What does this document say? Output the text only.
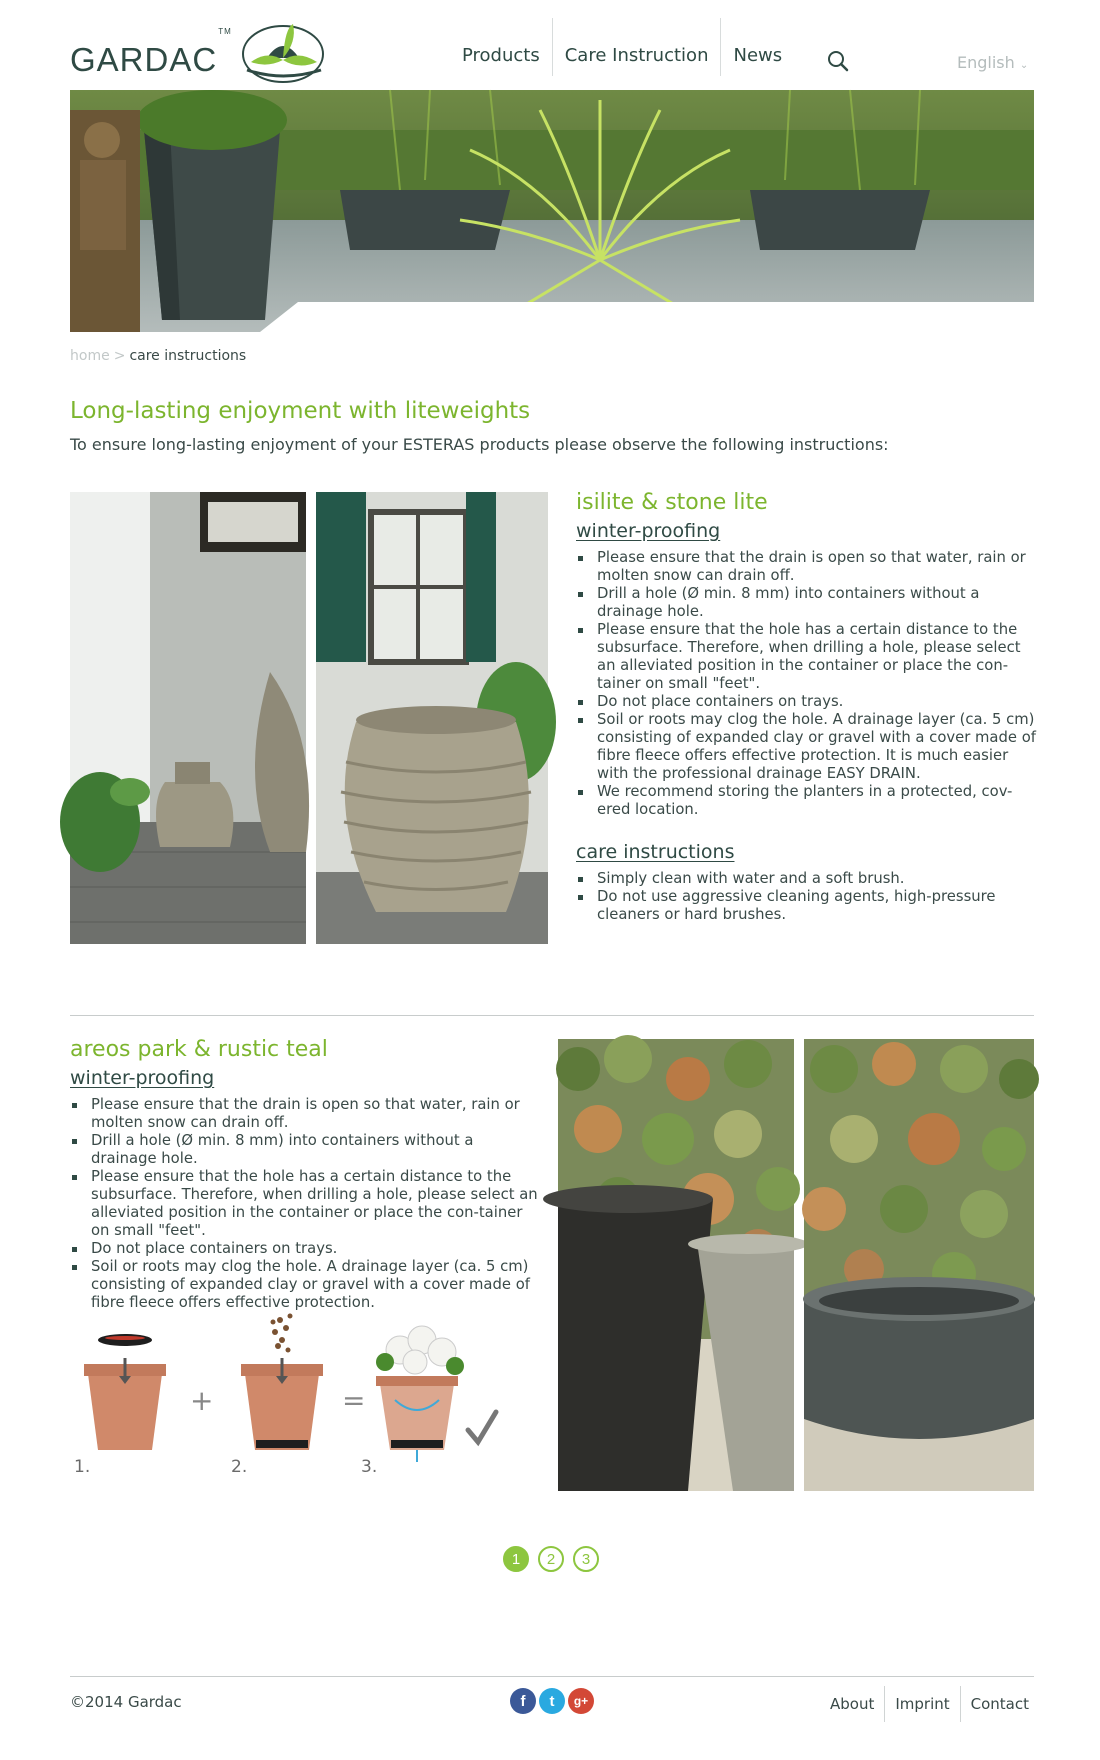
GARDAC™
Products	Care Instruction	News	English ⌄
home > care instructions
Long-lasting enjoyment with liteweights

To ensure long-lasting enjoyment of your ESTERAS products please observe the following instructions:

isilite & stone lite
winter-proofing
Please ensure that the drain is open so that water, rain or molten snow can drain off.
Drill a hole (Ø min. 8 mm) into containers without a drainage hole.
Please ensure that the hole has a certain distance to the subsurface. Therefore, when drilling a hole, please select an alleviated position in the container or place the con-tainer on small "feet".
Do not place containers on trays.
Soil or roots may clog the hole. A drainage layer (ca. 5 cm) consisting of expanded clay or gravel with a cover made of fibre fleece offers effective protection. It is much easier with the professional drainage EASY DRAIN.
We recommend storing the planters in a protected, cov-ered location.
care instructions
Simply clean with water and a soft brush.
Do not use aggressive cleaning agents, high-pressure cleaners or hard brushes.
areos park & rustic teal
winter-proofing
Please ensure that the drain is open so that water, rain or molten snow can drain off.
Drill a hole (Ø min. 8 mm) into containers without a drainage hole.
Please ensure that the hole has a certain distance to the subsurface. Therefore, when drilling a hole, please select an alleviated position in the container or place the con-tainer on small "feet".
Do not place containers on trays.
Soil or roots may clog the hole. A drainage layer (ca. 5 cm) consisting of expanded clay or gravel with a cover made of fibre fleece offers effective protection.
1.
+
2.
=
3.
1	2	3
©2014 Gardac	f	t	g+	About	Imprint	Contact
